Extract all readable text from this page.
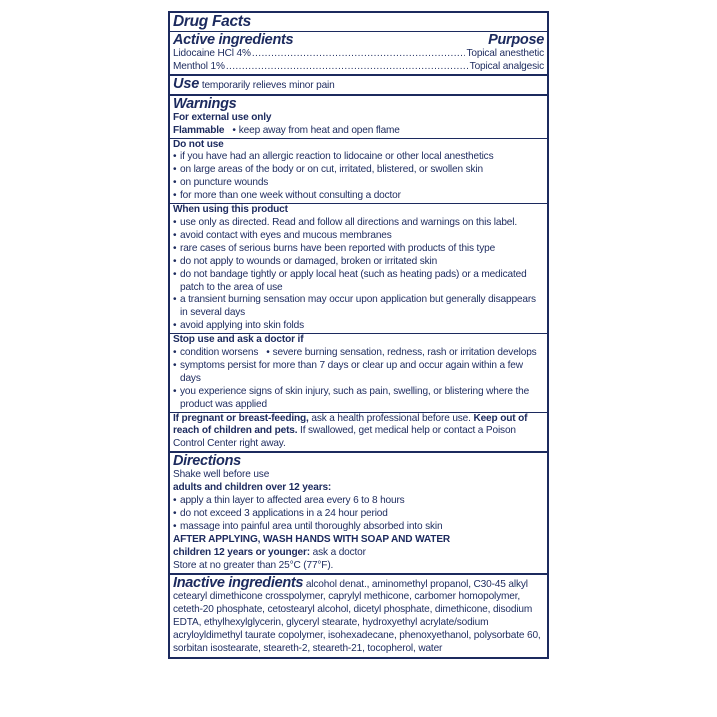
Drug Facts
Active ingredients	Purpose
Lidocaine HCl 4% .....	Topical anesthetic
Menthol 1% .....	Topical analgesic
Use temporarily relieves minor pain
Warnings
For external use only
Flammable • keep away from heat and open flame
Do not use
• if you have had an allergic reaction to lidocaine or other local anesthetics
• on large areas of the body or on cut, irritated, blistered, or swollen skin
• on puncture wounds
• for more than one week without consulting a doctor
When using this product
• use only as directed. Read and follow all directions and warnings on this label.
• avoid contact with eyes and mucous membranes
• rare cases of serious burns have been reported with products of this type
• do not apply to wounds or damaged, broken or irritated skin
• do not bandage tightly or apply local heat (such as heating pads) or a medicated patch to the area of use
• a transient burning sensation may occur upon application but generally disappears in several days
• avoid applying into skin folds
Stop use and ask a doctor if
• condition worsens • severe burning sensation, redness, rash or irritation develops
• symptoms persist for more than 7 days or clear up and occur again within a few days
• you experience signs of skin injury, such as pain, swelling, or blistering where the product was applied
If pregnant or breast-feeding, ask a health professional before use. Keep out of reach of children and pets. If swallowed, get medical help or contact a Poison Control Center right away.
Directions
Shake well before use
adults and children over 12 years:
• apply a thin layer to affected area every 6 to 8 hours
• do not exceed 3 applications in a 24 hour period
• massage into painful area until thoroughly absorbed into skin
AFTER APPLYING, WASH HANDS WITH SOAP AND WATER
children 12 years or younger: ask a doctor
Store at no greater than 25°C (77°F).
Inactive ingredients alcohol denat., aminomethyl propanol, C30-45 alkyl cetearyl dimethicone crosspolymer, caprylyl methicone, carbomer homopolymer, ceteth-20 phosphate, cetostearyl alcohol, dicetyl phosphate, dimethicone, disodium EDTA, ethylhexylglycerin, glyceryl stearate, hydroxyethyl acrylate/sodium acryloyldimethyl taurate copolymer, isohexadecane, phenoxyethanol, polysorbate 60, sorbitan isostearate, steareth-2, steareth-21, tocopherol, water
